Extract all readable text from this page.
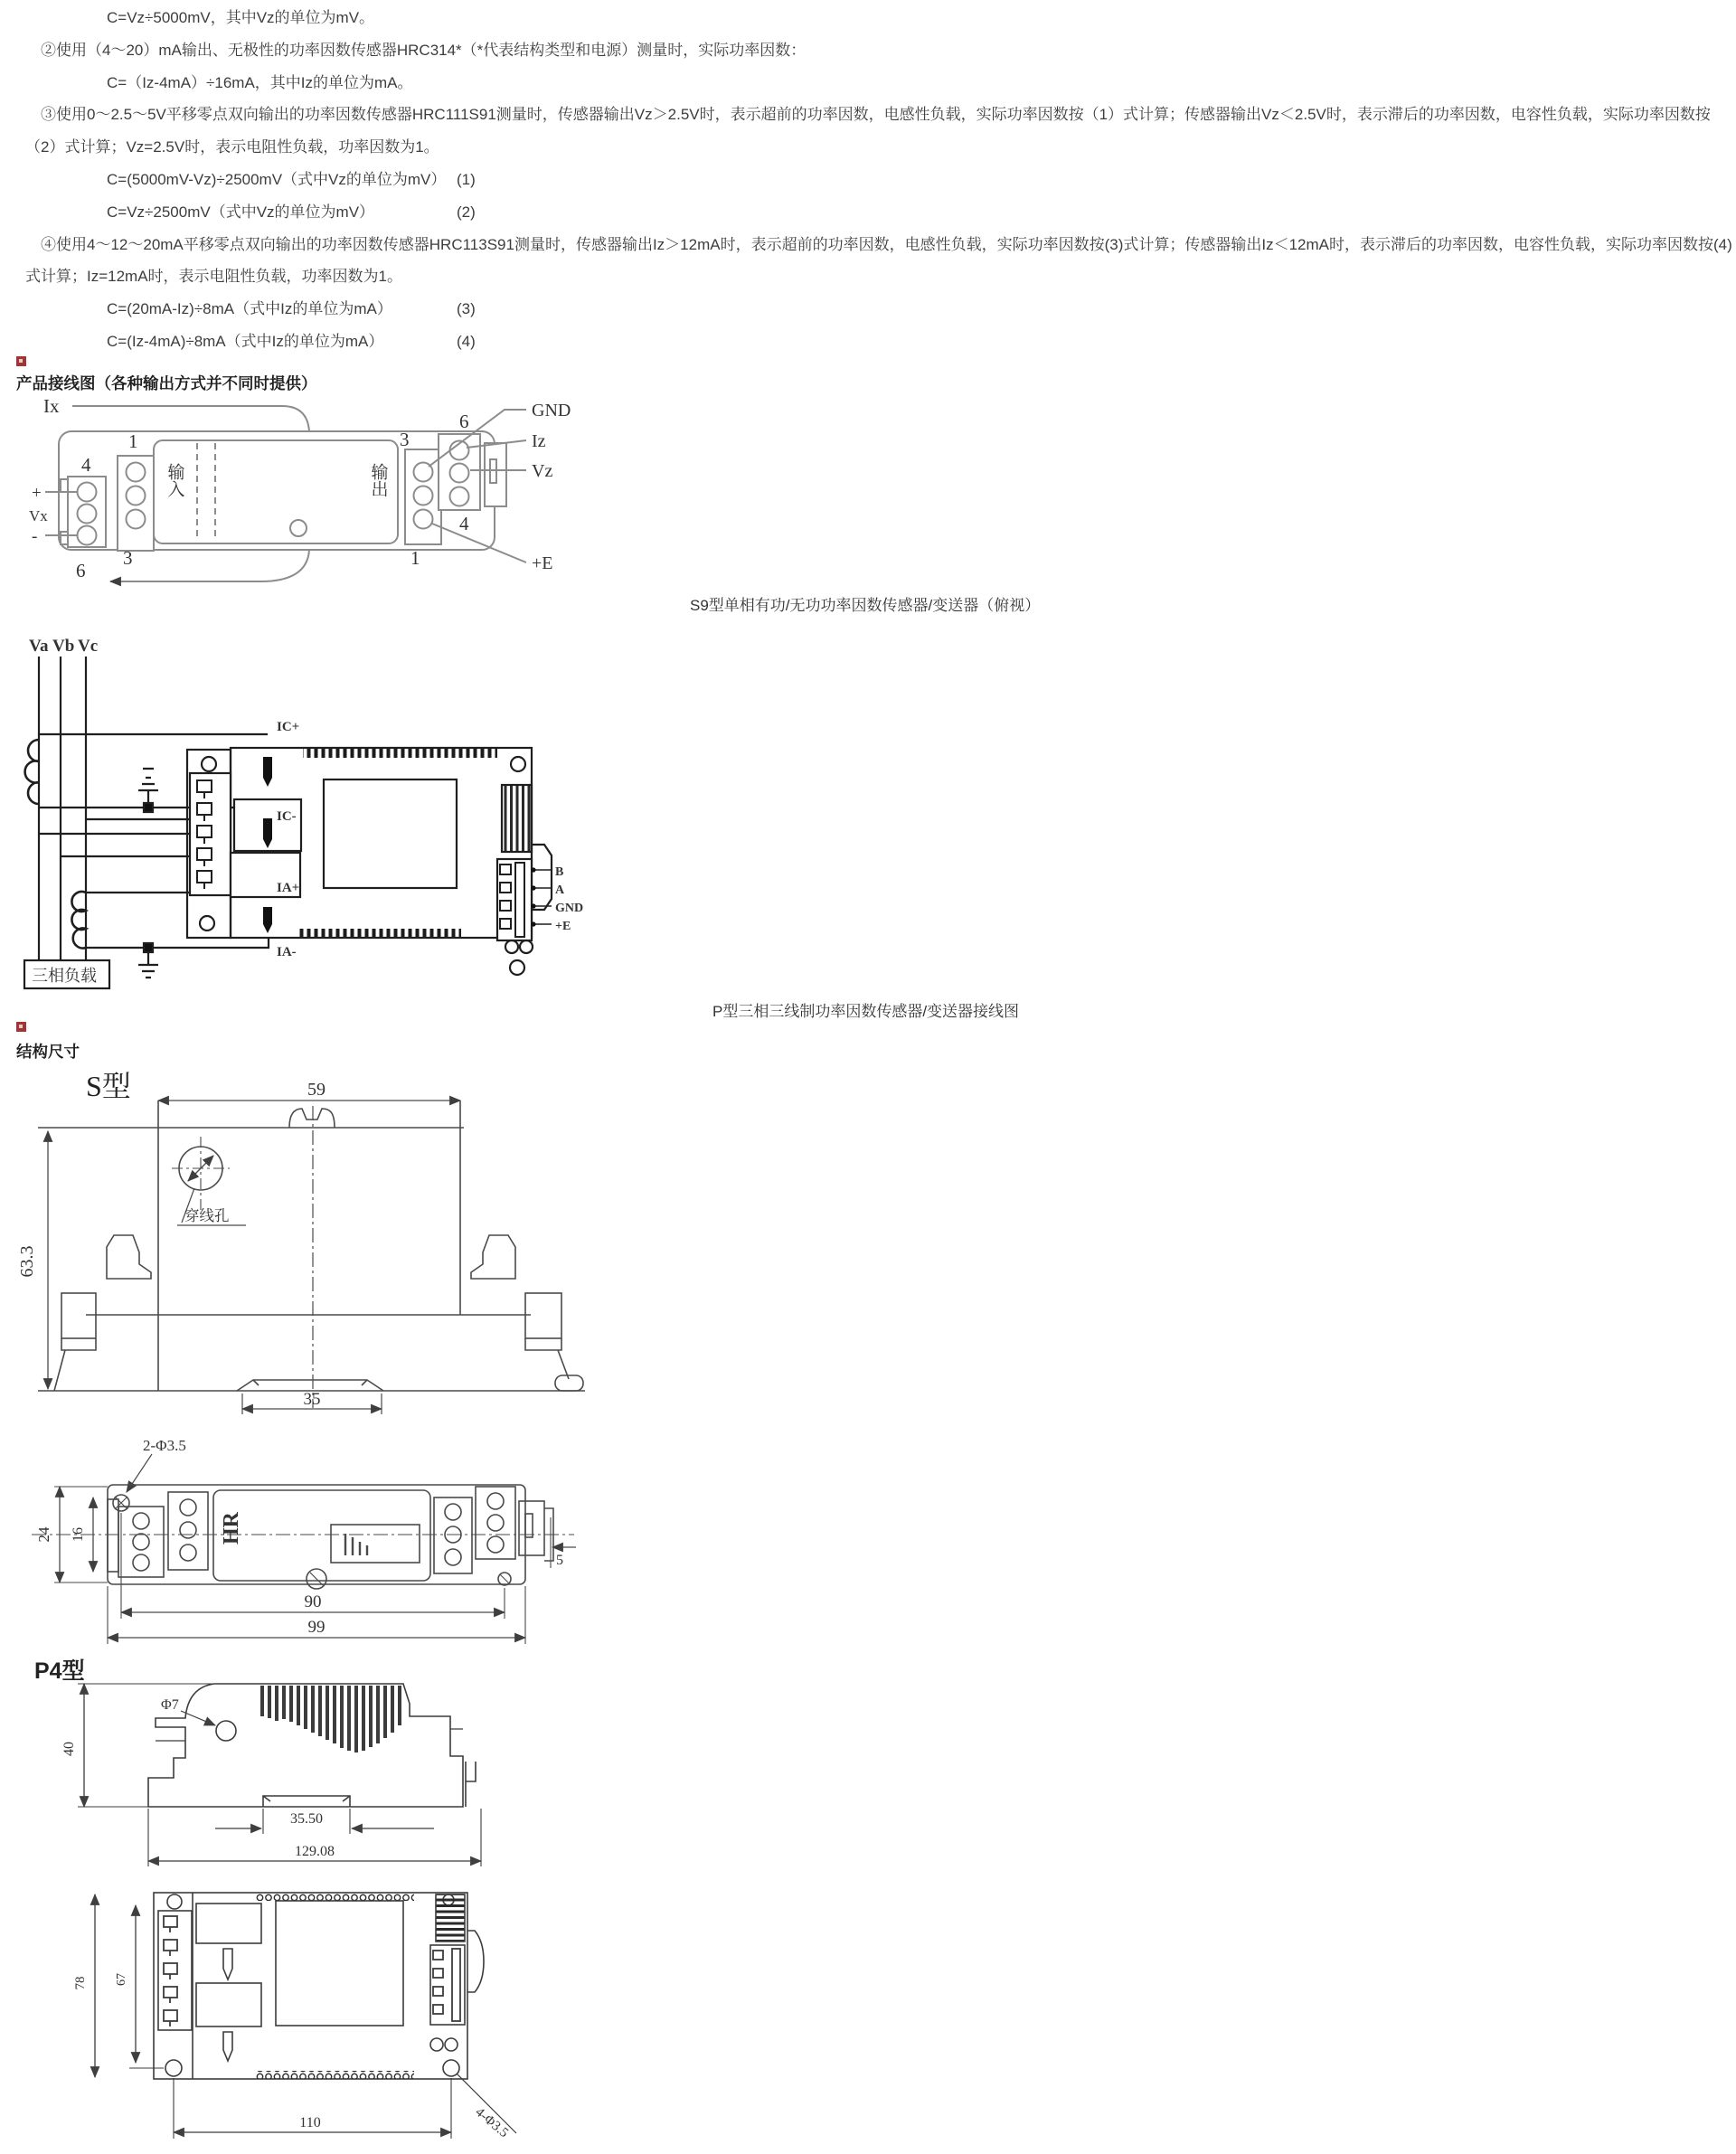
C=Vz÷5000mV，其中Vz的单位为mV。
②使用（4～20）mA输出、无极性的功率因数传感器HRC314*（*代表结构类型和电源）测量时，实际功率因数：
C=（Iz-4mA）÷16mA，其中Iz的单位为mA。
③使用0～2.5～5V平移零点双向输出的功率因数传感器HRC111S91测量时，传感器输出Vz＞2.5V时，表示超前的功率因数，电感性负载，实际功率因数按（1）式计算；传感器输出Vz＜2.5V时，表示滞后的功率因数，电容性负载，实际功率因数按
（2）式计算；Vz=2.5V时，表示电阻性负载，功率因数为1。
C=(5000mV-Vz)÷2500mV（式中Vz的单位为mV） (1)
C=Vz÷2500mV（式中Vz的单位为mV）	(2)
④使用4～12～20mA平移零点双向输出的功率因数传感器HRC113S91测量时，传感器输出Iz＞12mA时，表示超前的功率因数，电感性负载，实际功率因数按(3)式计算；传感器输出Iz＜12mA时，表示滞后的功率因数，电容性负载，实际功率因数按(4)
式计算；Iz=12mA时，表示电阻性负载，功率因数为1。
C=(20mA-Iz)÷8mA（式中Iz的单位为mA）	(3)
C=(Iz-4mA)÷8mA（式中Iz的单位为mA）	(4)
产品接线图（各种输出方式并不同时提供）
Ix
4
6
+
Vx
-
1
3
输入	输出
3
1
6
4
GND
Iz
Vz
+E
S9型单相有功/无功功率因数传感器/变送器（俯视）
Va Vb Vc
三相负载
IC+
IC-
IA+
IA-
B
A
GND
+E
P型三相三线制功率因数传感器/变送器接线图
结构尺寸
S型	59
63.3
穿线孔
35
2-Φ3.5
24 16	HR
5
90
99
P4型
40
Φ7
35.50
129.08
78 67
4-Φ3.5
110
